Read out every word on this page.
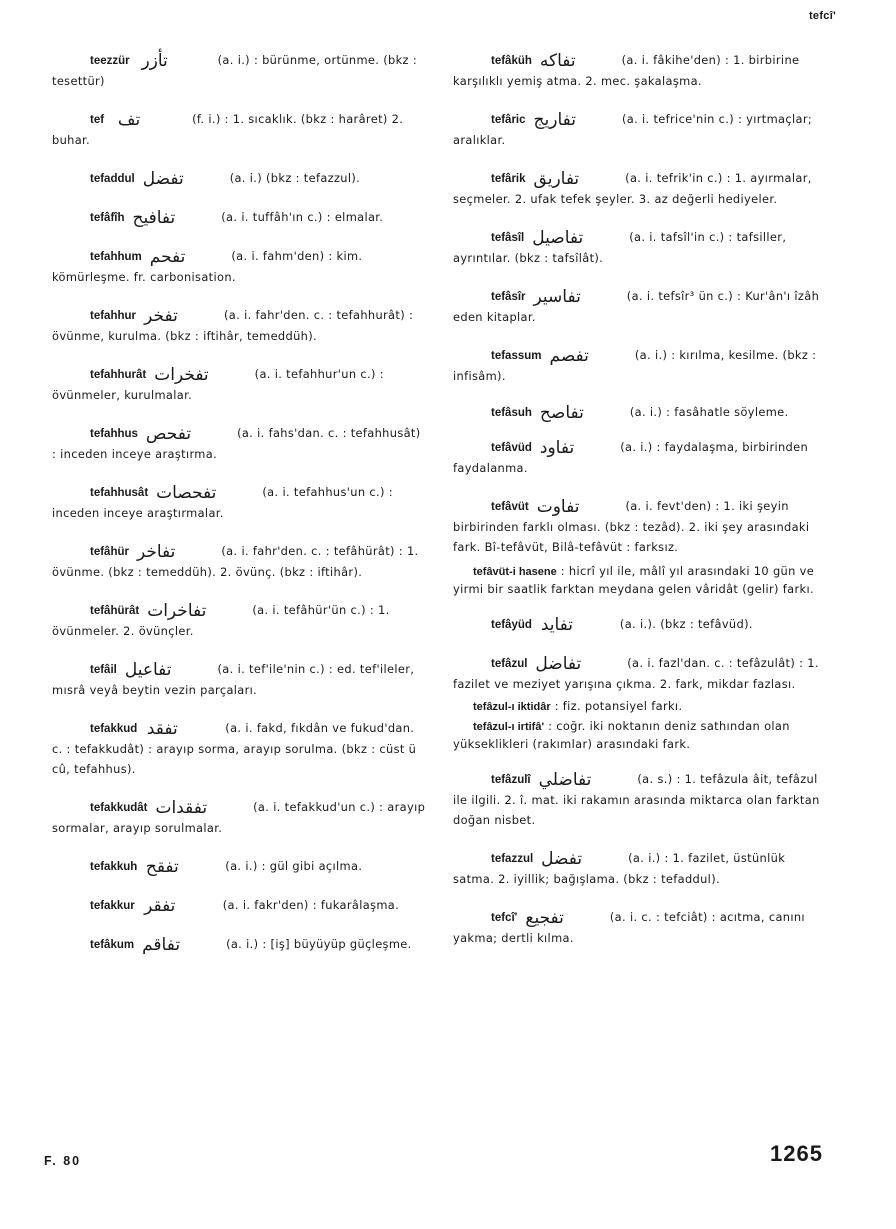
tefcî'
teezzür تأزر	(a. i.) : bürünme, ortünme. (bkz : tesettür)
tef تف	(f. i.) : 1. sıcaklık. (bkz : harâret) 2. buhar.
tefaddul تفضل	(a. i.) (bkz : tefazzul).
tefâfîh تفافيح	(a. i. tuffâh'ın c.) : elmalar.
tefahhum تفحم	(a. i. fahm'den) : kim. kömürleşme. fr. carbonisation.
tefahhur تفخر	(a. i. fahr'den. c. : tefahhurât) : övünme, kurulma. (bkz : iftihâr, temeddüh).
tefahhurât تفخرات	(a. i. tefahhur'un c.) : övünmeler, kurulmalar.
tefahhus تفحص	(a. i. fahs'dan. c. : tefahhusât) : inceden inceye araştırma.
tefahhusât تفحصات	(a. i. tefahhus'un c.) : inceden inceye araştırmalar.
tefâhür تفاخر	(a. i. fahr'den. c. : tefâhürât) : 1. övünme. (bkz : temeddüh). 2. övünç. (bkz : iftihâr).
tefâhürât تفاخرات	(a. i. tefâhür'ün c.) : 1. övünmeler. 2. övünçler.
tefâil تفاعيل	(a. i. tef'ile'nin c.) : ed. tef'ileler, mısrâ veyâ beytin vezin parçaları.
tefakkud تفقد	(a. i. fakd, fıkdân ve fukud'dan. c. : tefakkudât) : arayıp sorma, arayıp sorulma. (bkz : cüst ü cû, tefahhus).
tefakkudât تفقدات	(a. i. tefakkud'un c.) : arayıp sormalar, arayıp sorulmalar.
tefakkuh تفقح	(a. i.) : gül gibi açılma.
tefakkur تفقر	(a. i. fakr'den) : fukarâlaşma.
tefâkum تفاقم	(a. i.) : [iş] büyüyüp güçleşme.
tefâküh تفاكه	(a. i. fâkihe'den) : 1. birbirine karşılıklı yemiş atma. 2. mec. şakalaşma.
tefâric تفاريج	(a. i. tefrice'nin c.) : yırtmaçlar; aralıklar.
tefârik تفاريق	(a. i. tefrik'in c.) : 1. ayırmalar, seçmeler. 2. ufak tefek şeyler. 3. az değerli hediyeler.
tefâsîl تفاصيل	(a. i. tafsîl'in c.) : tafsiller, ayrıntılar. (bkz : tafsîlât).
tefâsîr تفاسير	(a. i. tefsîr³ ün c.) : Kur'ân'ı îzâh eden kitaplar.
tefassum تفصم	(a. i.) : kırılma, kesilme. (bkz : infisâm).
tefâsuh تفاصح	(a. i.) : fasâhatle söyleme.
tefâvüd تفاود	(a. i.) : faydalaşma, birbirinden faydalanma.
tefâvüt تفاوت	(a. i. fevt'den) : 1. iki şeyin birbirinden farklı olması. (bkz : tezâd). 2. iki şey arasındaki fark. Bî-tefâvüt, Bilâ-tefâvüt : farksız.
tefâvüt-i hasene : hicrî yıl ile, mâlî yıl arasındaki 10 gün ve yirmi bir saatlik farktan meydana gelen vâridât (gelir) farkı.
tefâyüd تفايد	(a. i.). (bkz : tefâvüd).
tefâzul تفاضل	(a. i. fazl'dan. c. : tefâzulât) : 1. fazilet ve meziyet yarışına çıkma. 2. fark, mikdar fazlası.
tefâzul-ı iktidâr : fiz. potansiyel farkı.
tefâzul-ı irtifâ' : coğr. iki noktanın deniz sathından olan yükseklikleri (rakımlar) arasındaki fark.
tefâzulî تفاضلي	(a. s.) : 1. tefâzula âit, tefâzul ile ilgili. 2. î. mat. iki rakamın arasında miktarca olan farktan doğan nisbet.
tefazzul تفضل	(a. i.) : 1. fazilet, üstünlük satma. 2. iyillik; bağışlama. (bkz : tefaddul).
tefcî' تفجيع	(a. i. c. : tefciât) : acıtma, canını yakma; dertli kılma.
F. 80	1265
